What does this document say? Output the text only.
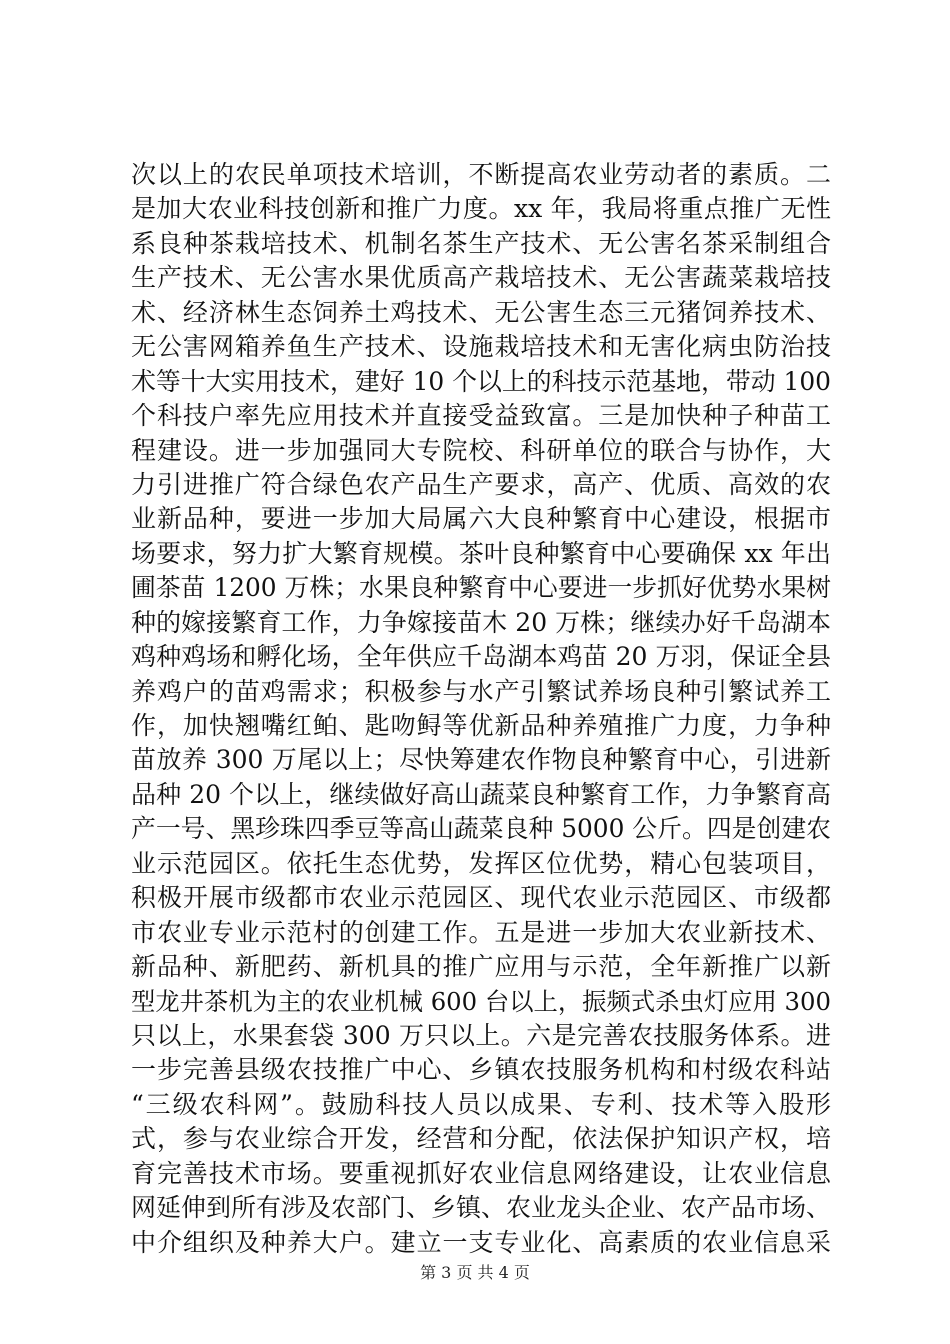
次以上的农民单项技术培训，不断提高农业劳动者的素质。二
是加大农业科技创新和推广力度。xx 年，我局将重点推广无性
系良种茶栽培技术、机制名茶生产技术、无公害名茶采制组合
生产技术、无公害水果优质高产栽培技术、无公害蔬菜栽培技
术、经济林生态饲养土鸡技术、无公害生态三元猪饲养技术、
无公害网箱养鱼生产技术、设施栽培技术和无害化病虫防治技
术等十大实用技术，建好 10 个以上的科技示范基地，带动 100
个科技户率先应用技术并直接受益致富。三是加快种子种苗工
程建设。进一步加强同大专院校、科研单位的联合与协作，大
力引进推广符合绿色农产品生产要求，高产、优质、高效的农
业新品种，要进一步加大局属六大良种繁育中心建设，根据市
场要求，努力扩大繁育规模。茶叶良种繁育中心要确保 xx 年出
圃茶苗 1200 万株；水果良种繁育中心要进一步抓好优势水果树
种的嫁接繁育工作，力争嫁接苗木 20 万株；继续办好千岛湖本
鸡种鸡场和孵化场，全年供应千岛湖本鸡苗 20 万羽，保证全县
养鸡户的苗鸡需求；积极参与水产引繁试养场良种引繁试养工
作，加快翘嘴红鲌、匙吻鲟等优新品种养殖推广力度，力争种
苗放养 300 万尾以上；尽快筹建农作物良种繁育中心，引进新
品种 20 个以上，继续做好高山蔬菜良种繁育工作，力争繁育高
产一号、黑珍珠四季豆等高山蔬菜良种 5000 公斤。四是创建农
业示范园区。依托生态优势，发挥区位优势，精心包装项目，
积极开展市级都市农业示范园区、现代农业示范园区、市级都
市农业专业示范村的创建工作。五是进一步加大农业新技术、
新品种、新肥药、新机具的推广应用与示范，全年新推广以新
型龙井茶机为主的农业机械 600 台以上，振频式杀虫灯应用 300
只以上，水果套袋 300 万只以上。六是完善农技服务体系。进
一步完善县级农技推广中心、乡镇农技服务机构和村级农科站
“三级农科网”。鼓励科技人员以成果、专利、技术等入股形
式，参与农业综合开发，经营和分配，依法保护知识产权，培
育完善技术市场。要重视抓好农业信息网络建设，让农业信息
网延伸到所有涉及农部门、乡镇、农业龙头企业、农产品市场、
中介组织及种养大户。建立一支专业化、高素质的农业信息采
第 3 页 共 4 页
